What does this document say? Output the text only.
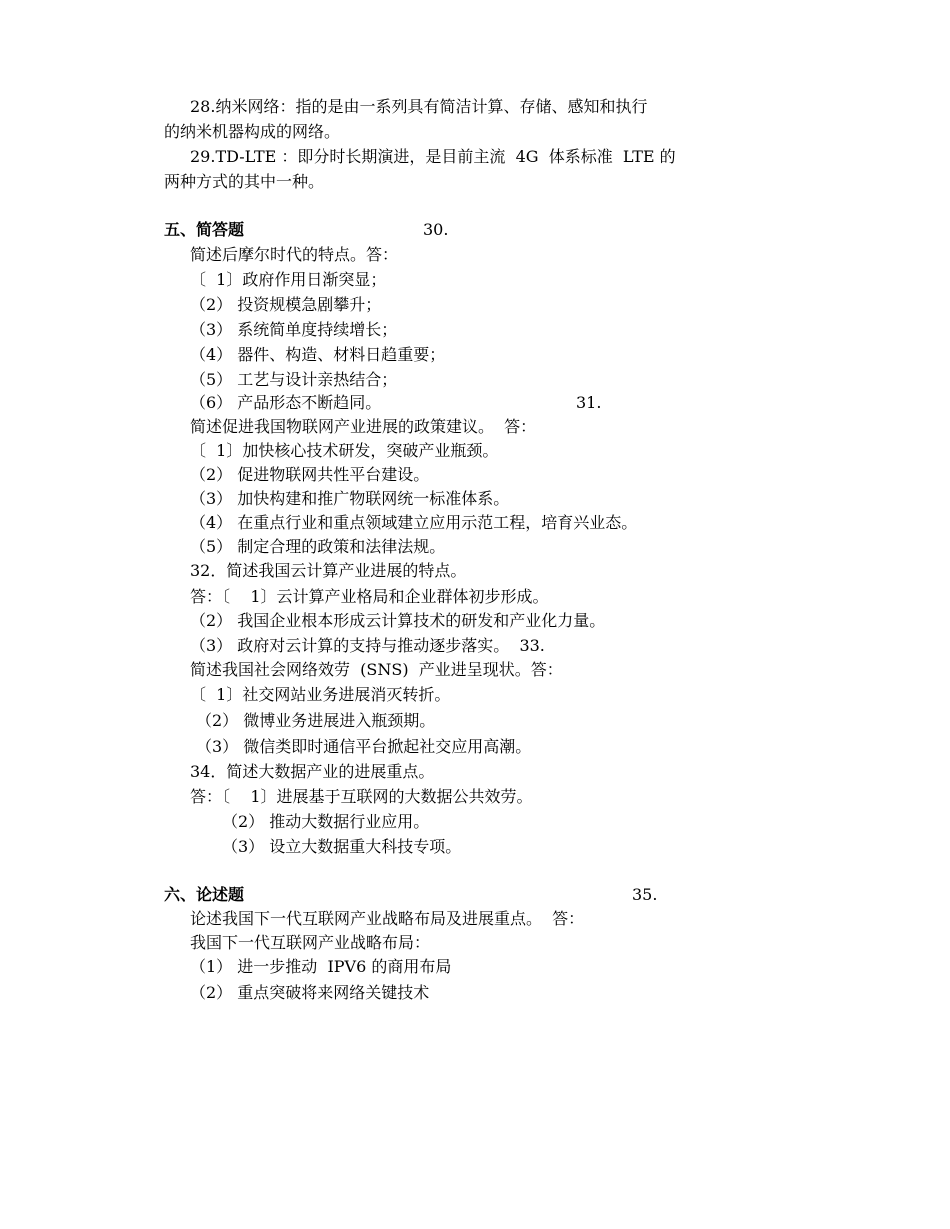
28.纳米网络：指的是由一系列具有简洁计算、存储、感知和执行
的纳米机器构成的网络。
29.TD-LTE ：即分时长期演进，是目前主流  4G  体系标准  LTE 的
两种方式的其中一种。
五、简答题	30.
简述后摩尔时代的特点。答：
〔  1〕政府作用日渐突显；
（2） 投资规模急剧攀升；
（3） 系统简单度持续增长；
（4） 器件、构造、材料日趋重要；
（5） 工艺与设计亲热结合；
（6） 产品形态不断趋同。	31.
简述促进我国物联网产业进展的政策建议。  答：
〔  1〕加快核心技术研发，突破产业瓶颈。
（2） 促进物联网共性平台建设。
（3） 加快构建和推广物联网统一标准体系。
（4） 在重点行业和重点领域建立应用示范工程，培育兴业态。
（5） 制定合理的政策和法律法规。
32．简述我国云计算产业进展的特点。
答：〔    1〕云计算产业格局和企业群体初步形成。
（2） 我国企业根本形成云计算技术的研发和产业化力量。
（3） 政府对云计算的支持与推动逐步落实。  33.
简述我国社会网络效劳  (SNS)  产业进呈现状。答：
〔  1〕社交网站业务进展消灭转折。
（2） 微博业务进展进入瓶颈期。
（3） 微信类即时通信平台掀起社交应用高潮。
34．简述大数据产业的进展重点。
答：〔    1〕进展基于互联网的大数据公共效劳。
（2） 推动大数据行业应用。
（3） 设立大数据重大科技专项。
六、论述题	35.
论述我国下一代互联网产业战略布局及进展重点。  答：
我国下一代互联网产业战略布局：
（1） 进一步推动  IPV6 的商用布局
（2） 重点突破将来网络关键技术
